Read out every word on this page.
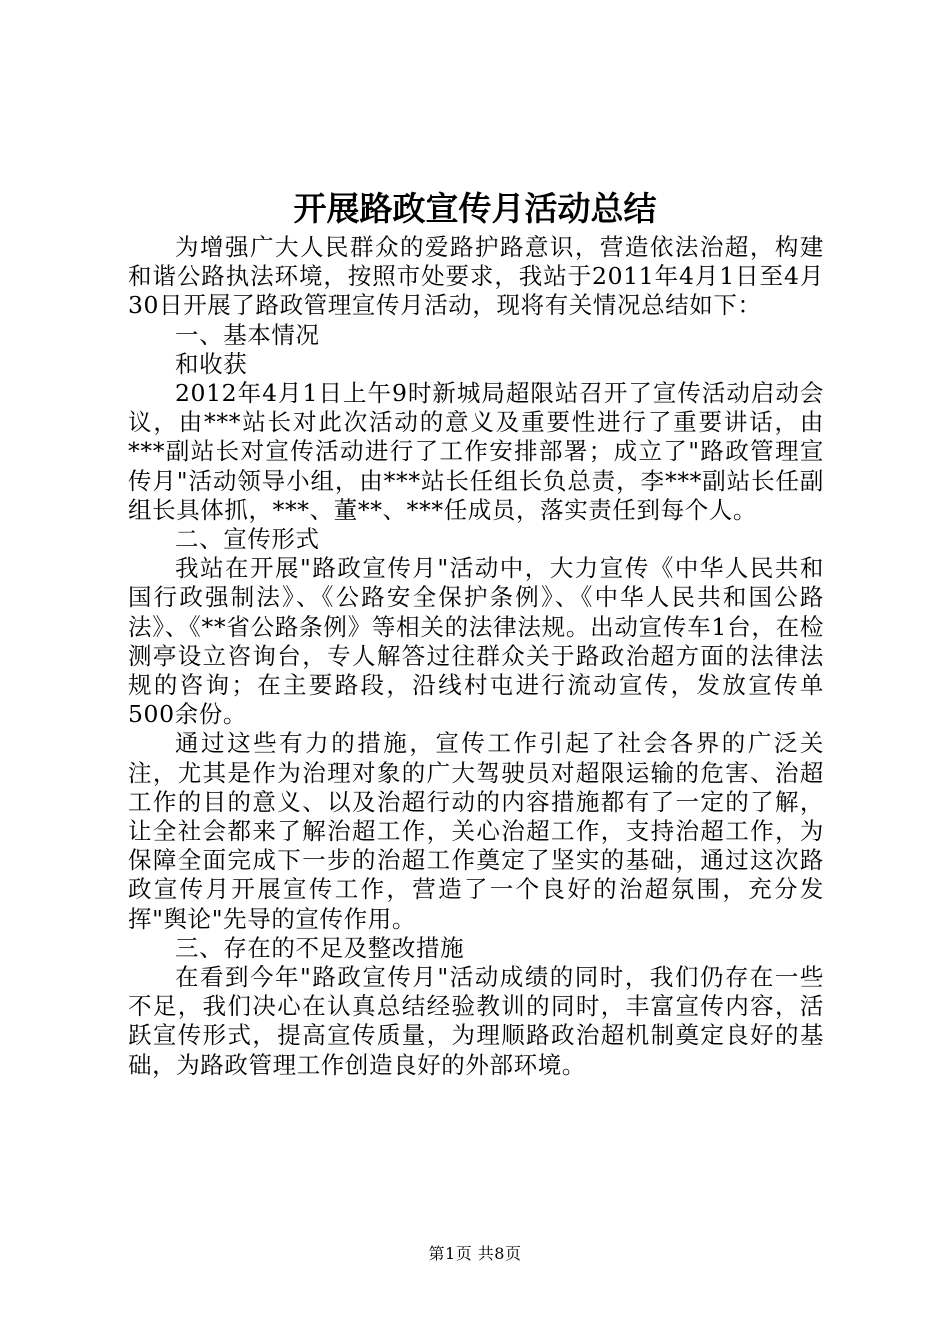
开展路政宣传月活动总结

为增强广大人民群众的爱路护路意识，营造依法治超，构建和谐公路执法环境，按照市处要求，我站于2011年4月1日至4月30日开展了路政管理宣传月活动，现将有关情况总结如下：

一、基本情况

和收获

2012年4月1日上午9时新城局超限站召开了宣传活动启动会议，由***站长对此次活动的意义及重要性进行了重要讲话，由***副站长对宣传活动进行了工作安排部署；成立了"路政管理宣传月"活动领导小组，由***站长任组长负总责，李***副站长任副组长具体抓，***、董**、***任成员，落实责任到每个人。

二、宣传形式

我站在开展"路政宣传月"活动中，大力宣传《中华人民共和国行政强制法》、《公路安全保护条例》、《中华人民共和国公路法》、《**省公路条例》等相关的法律法规。出动宣传车1台，在检测亭设立咨询台，专人解答过往群众关于路政治超方面的法律法规的咨询；在主要路段，沿线村屯进行流动宣传，发放宣传单500余份。

通过这些有力的措施，宣传工作引起了社会各界的广泛关注，尤其是作为治理对象的广大驾驶员对超限运输的危害、治超工作的目的意义、以及治超行动的内容措施都有了一定的了解，让全社会都来了解治超工作，关心治超工作，支持治超工作，为保障全面完成下一步的治超工作奠定了坚实的基础，通过这次路政宣传月开展宣传工作，营造了一个良好的治超氛围，充分发挥"舆论"先导的宣传作用。

三、存在的不足及整改措施

在看到今年"路政宣传月"活动成绩的同时，我们仍存在一些不足，我们决心在认真总结经验教训的同时，丰富宣传内容，活跃宣传形式，提高宣传质量，为理顺路政治超机制奠定良好的基础，为路政管理工作创造良好的外部环境。

第1页 共8页
